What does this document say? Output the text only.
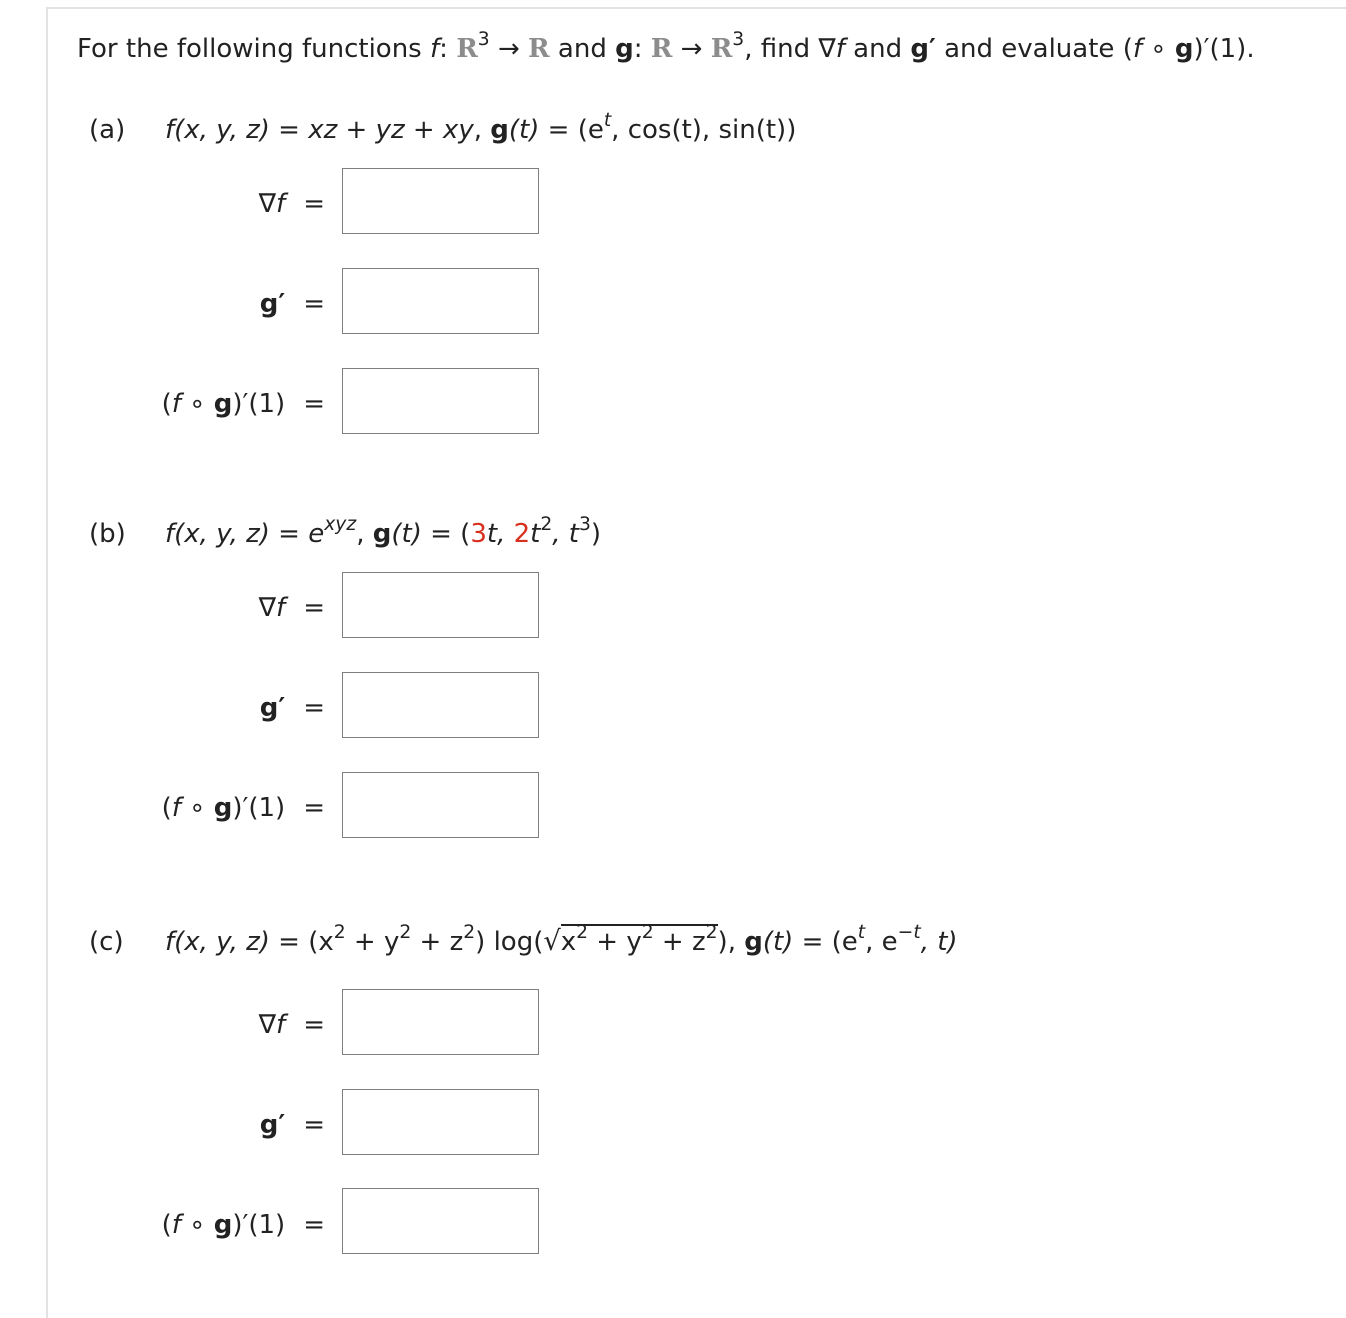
For the following functions f: $R^3 \to R$ and g: $R \to R^3$, find ∇f and g′ and evaluate (f ∘ g)′(1).
(a) f(x, y, z) = xz + yz + xy, $g(t) = (e^t$, cos(t), sin(t))
∇f =
g′ =
(f ∘ g)′(1) =
(b) f(x, y, $z) = e^{xyz}$, g(t) = (3t, $2t^2$, $t^3$)
∇f =
g′ =
(f ∘ g)′(1) =
(c) f(x, y, $z) = (x^2 + y^2 + z^2) \log(√x^2 + y^2 + z^2)$, $g(t) = (e^t$, $e^{-t}$, t)
∇f =
g′ =
(f ∘ g)′(1) =
